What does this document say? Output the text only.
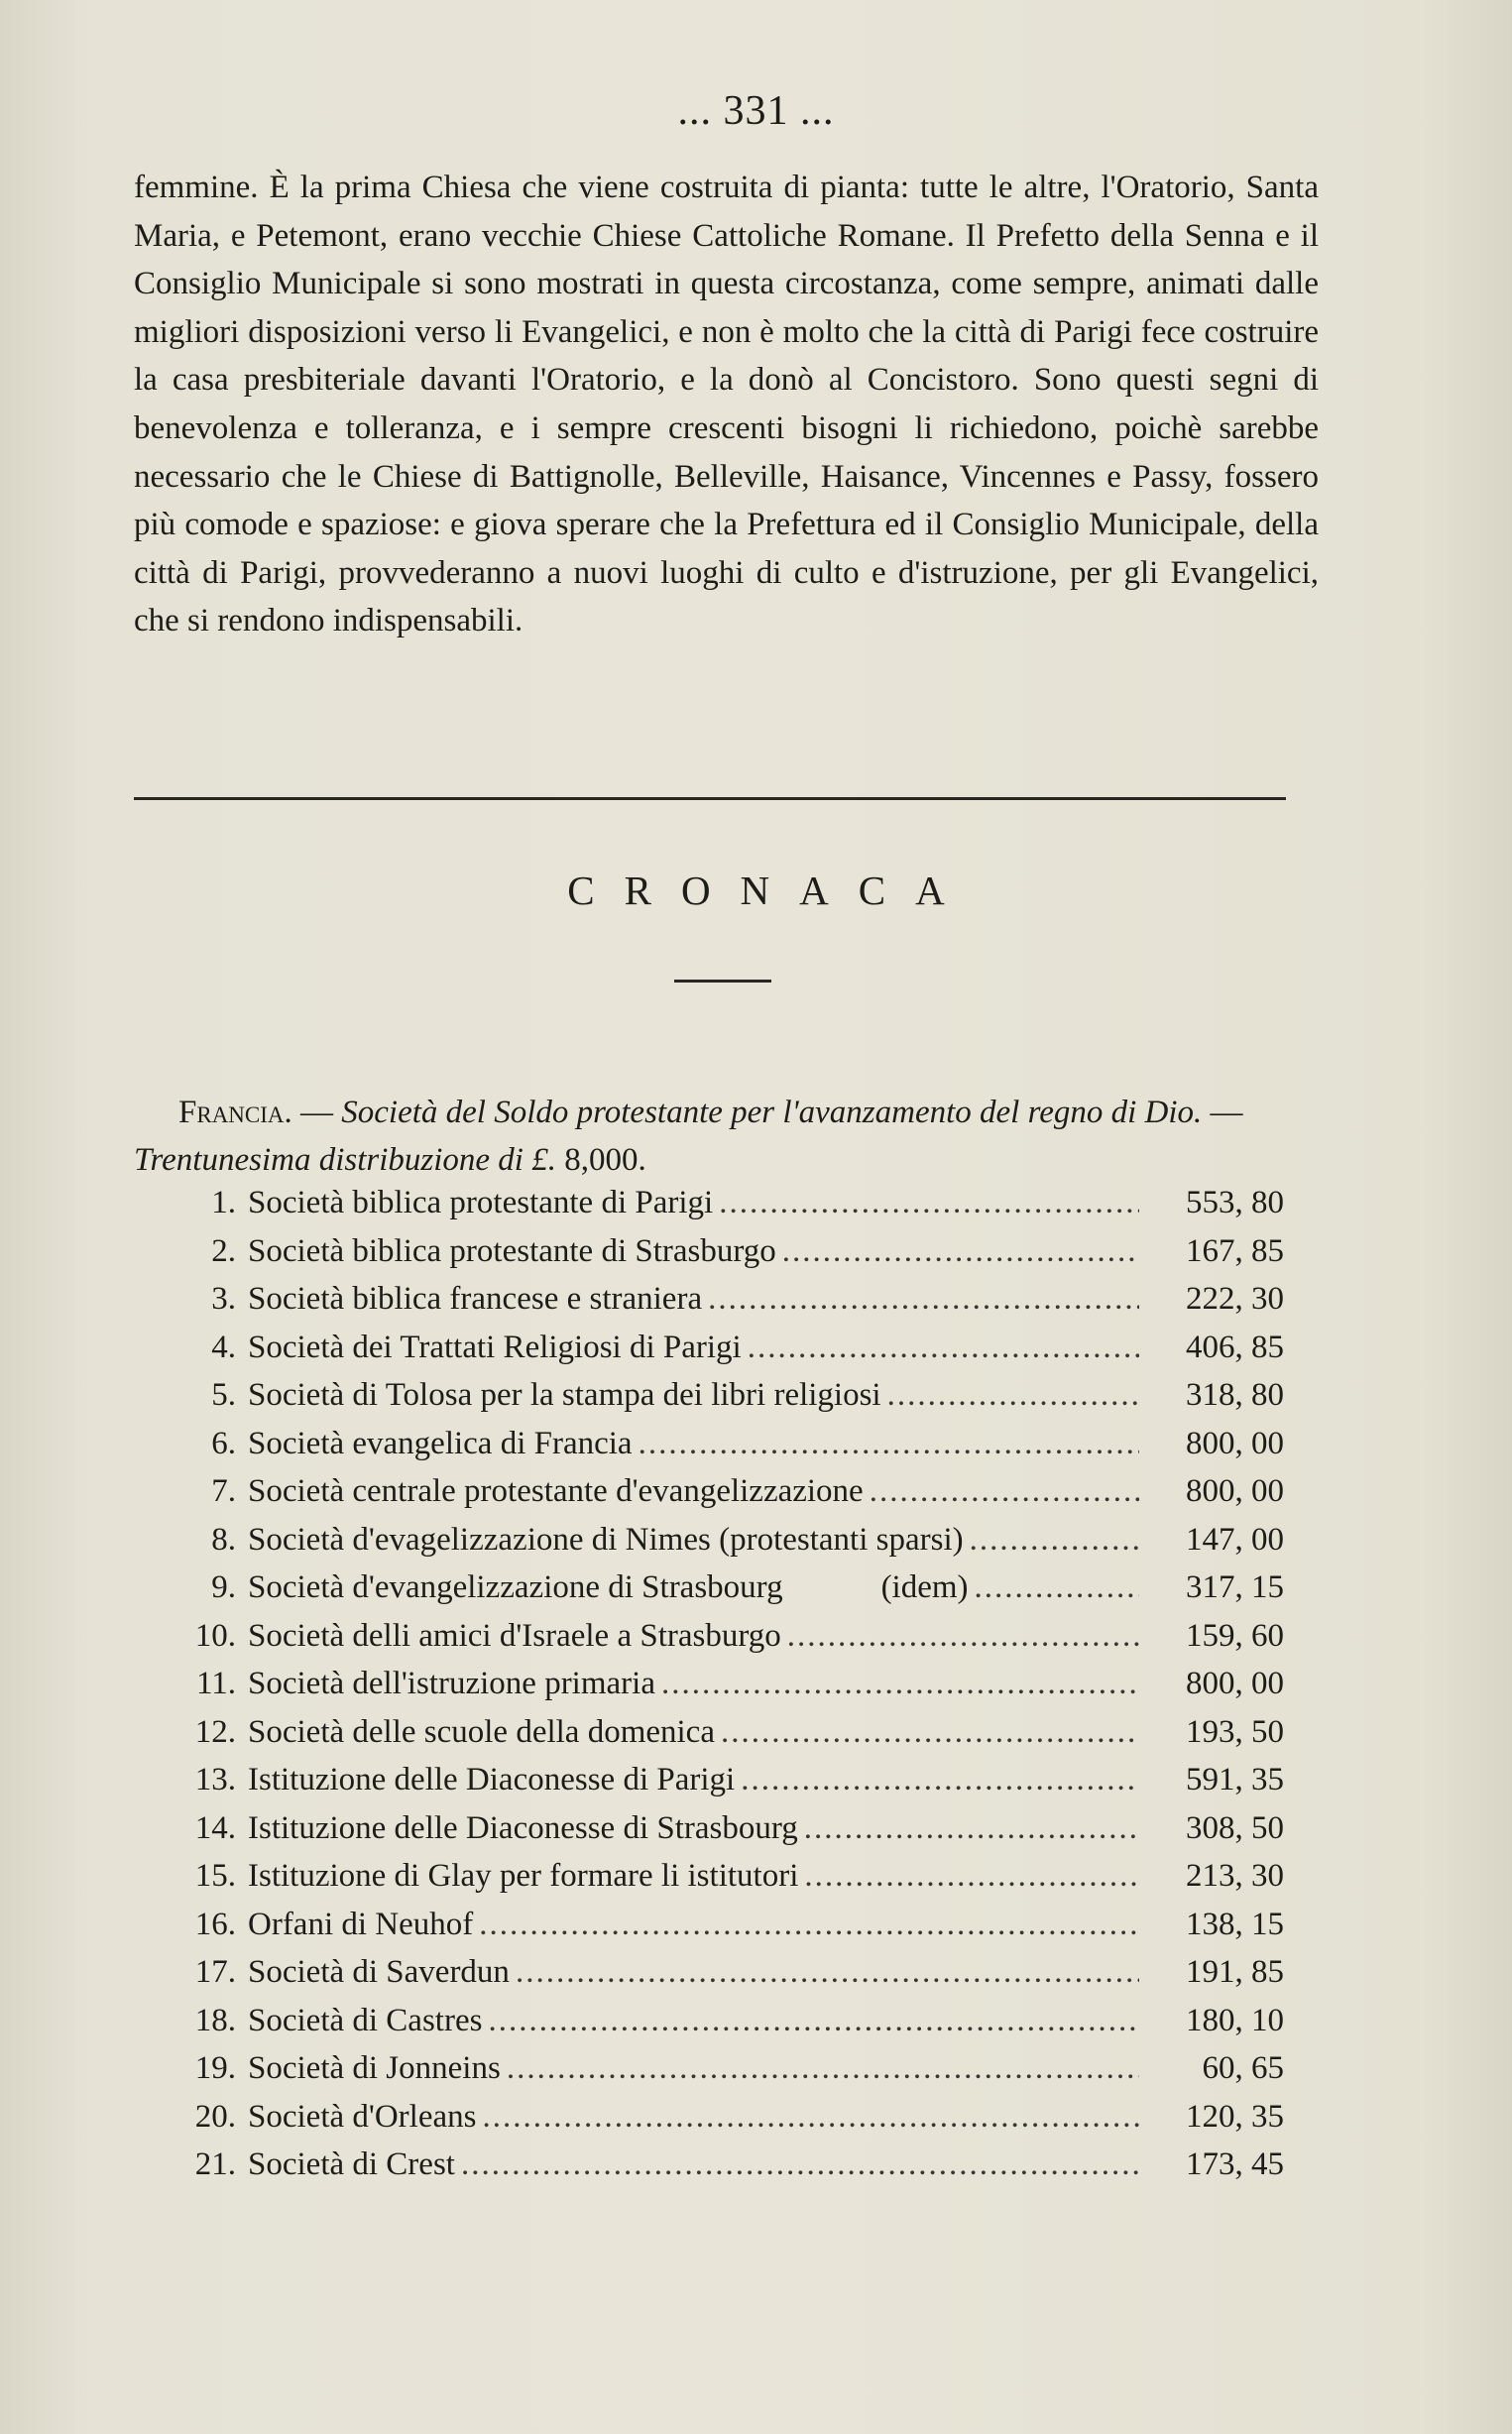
... 331 ...
femmine. È la prima Chiesa che viene costruita di pianta: tutte le altre, l'Oratorio, Santa Maria, e Petemont, erano vecchie Chiese Cattoliche Romane. Il Prefetto della Senna e il Consiglio Municipale si sono mostrati in questa circostanza, come sempre, animati dalle migliori disposizioni verso li Evangelici, e non è molto che la città di Parigi fece costruire la casa presbiteriale davanti l'Oratorio, e la donò al Concistoro. Sono questi segni di benevolenza e tolleranza, e i sempre crescenti bisogni li richiedono, poichè sarebbe necessario che le Chiese di Battignolle, Belleville, Haisance, Vincennes e Passy, fossero più comode e spaziose: e giova sperare che la Prefettura ed il Consiglio Municipale, della città di Parigi, provvederanno a nuovi luoghi di culto e d'istruzione, per gli Evangelici, che si rendono indispensabili.
CRONACA
Francia. — Società del Soldo protestante per l'avanzamento del regno di Dio. — Trentunesima distribuzione di £. 8,000.
1. Società biblica protestante di Parigi .....	553, 80
2. Società biblica protestante di Strasburgo .....	167, 85
3. Società biblica francese e straniera .....	222, 30
4. Società dei Trattati Religiosi di Parigi .....	406, 85
5. Società di Tolosa per la stampa dei libri religiosi .....	318, 80
6. Società evangelica di Francia .....	800, 00
7. Società centrale protestante d'evangelizzazione .....	800, 00
8. Società d'evagelizzazione di Nimes (protestanti sparsi) .....	147, 00
9. Società d'evangelizzazione di Strasbourg            (idem) .....	317, 15
10. Società delli amici d'Israele a Strasburgo .....	159, 60
11. Società dell'istruzione primaria .....	800, 00
12. Società delle scuole della domenica .....	193, 50
13. Istituzione delle Diaconesse di Parigi .....	591, 35
14. Istituzione delle Diaconesse di Strasbourg .....	308, 50
15. Istituzione di Glay per formare li istitutori .....	213, 30
16. Orfani di Neuhof .....	138, 15
17. Società di Saverdun .....	191, 85
18. Società di Castres .....	180, 10
19. Società di Jonneins .....	60, 65
20. Società d'Orleans .....	120, 35
21. Società di Crest .....	173, 45
